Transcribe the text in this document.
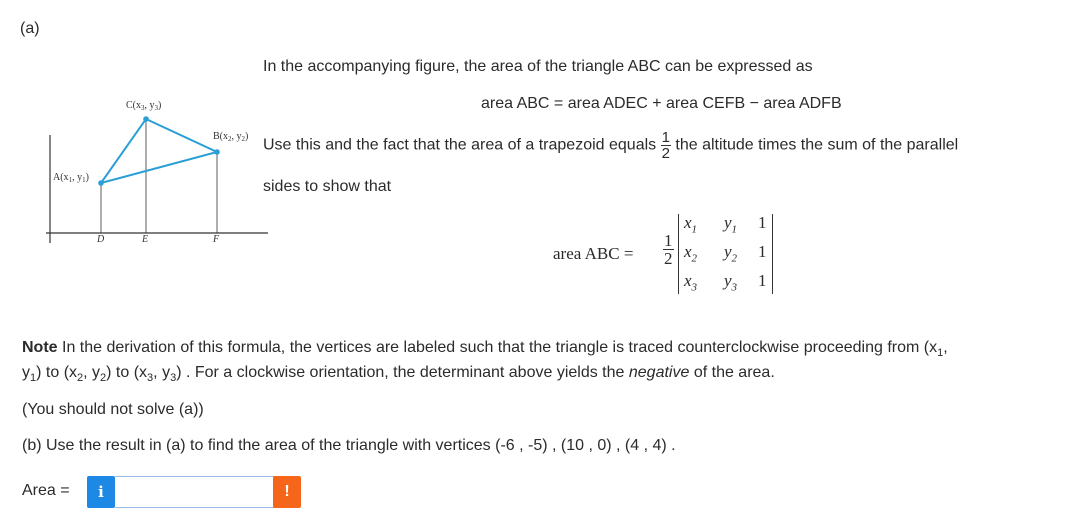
(a)
$A(x_1$, $y_1$)
$B(x_2$, $y_2$)
$C(x_3$, $y_3$)
D	E	F
In the accompanying figure, the area of the triangle ABC can be expressed as
area ABC = area ADEC + area CEFB − area ADFB
Use this and the fact that the area of a trapezoid equals $\frac{1}{2}$ the altitude times the sum of the parallel
sides to show that
area ABC = $\frac{1}{2}$
$x_1$ $y_1$ 1
$x_2$ $y_2$ 1
$x_3$ $y_3$ 1
Note In the derivation of this formula, the vertices are labeled such that the triangle is traced counterclockwise proceeding from ($x_1$,
$y_1$) to ($x_2$, $y_2$) to ($x_3$, $y_3$) . For a clockwise orientation, the determinant above yields the negative of the area.
(You should not solve (a))
(b) Use the result in (a) to find the area of the triangle with vertices (-6 , -5) , (10 , 0) , (4 , 4) .
Area =	i	!
